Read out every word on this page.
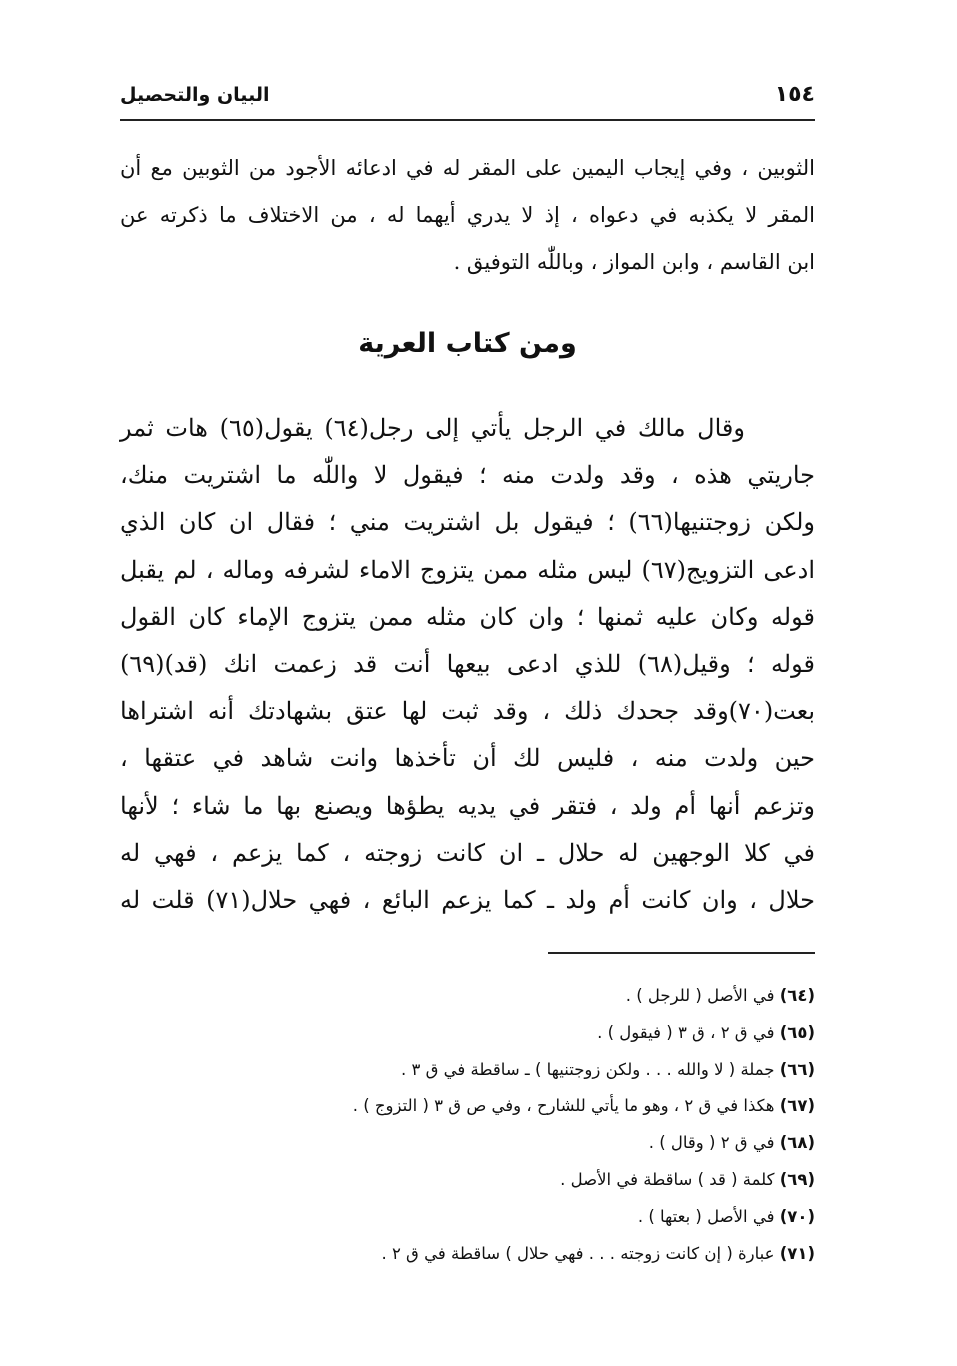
١٥٤
البيان والتحصيل
الثوبين ، وفي إيجاب اليمين على المقر له في ادعائه الأجود من الثوبين مع أن
المقر لا يكذبه في دعواه ، إذ لا يدري أيهما له ، من الاختلاف ما ذكرته عن
ابن القاسم ، وابن المواز ، وباللّٰه التوفيق .
ومن كتاب العرية
وقال مالك في الرجل يأتي إلى رجل(٦٤) يقول(٦٥) هات ثمر
جاريتي هذه ، وقد ولدت منه ؛ فيقول لا واللّٰه ما اشتريت منك،
ولكن زوجتنيها(٦٦) ؛ فيقول بل اشتريت مني ؛ فقال ان كان الذي
ادعى التزويج(٦٧) ليس مثله ممن يتزوج الاماء لشرفه وماله ، لم يقبل
قوله وكان عليه ثمنها ؛ وان كان مثله ممن يتزوج الإماء كان القول
قوله ؛ وقيل(٦٨) للذي ادعى بيعها أنت قد زعمت انك (قد)(٦٩)
بعت(٧٠)وقد جحدك ذلك ، وقد ثبت لها عتق بشهادتك أنه اشتراها
حين ولدت منه ، فليس لك أن تأخذها وانت شاهد في عتقها ،
وتزعم أنها أم ولد ، فتقر في يديه يطؤها ويصنع بها ما شاء ؛ لأنها
في كلا الوجهين له حلال ـ ان كانت زوجته ، كما يزعم ، فهي له
حلال ، وان كانت أم ولد ـ كما يزعم البائع ، فهي حلال(٧١) قلت له
(٦٤) في الأصل ( للرجل ) .
(٦٥) في ق ٢ ، ق ٣ ( فيقول ) .
(٦٦) جملة ( لا والله . . . ولكن زوجتنيها ) ـ ساقطة في ق ٣ .
(٦٧) هكذا في ق ٢ ، وهو ما يأتي للشارح ، وفي ص ق ٣ ( التزوج ) .
(٦٨) في ق ٢ ( وقال ) .
(٦٩) كلمة ( قد ) ساقطة في الأصل .
(٧٠) في الأصل ( بعتها ) .
(٧١) عبارة ( إن كانت زوجته . . . فهي حلال ) ساقطة في ق ٢ .
